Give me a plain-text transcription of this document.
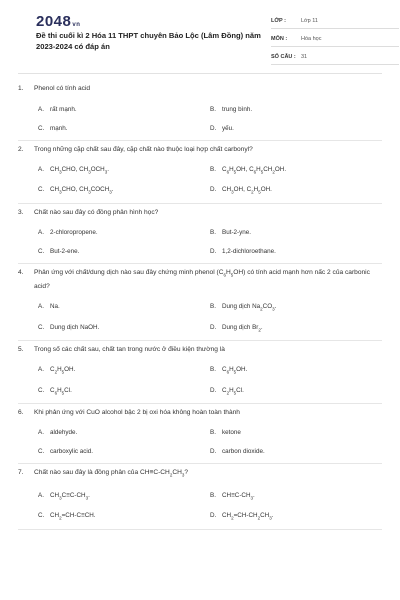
2048vn
Đề thi cuối kì 2 Hóa 11 THPT chuyên Bảo Lộc (Lâm Đồng) năm 2023-2024 có đáp án
LỚP :	Lớp 11
MÔN :	Hóa học
SỐ CÂU : 31
1.	Phenol có tính acid
A. rất mạnh.	B. trung bình.
C. mạnh.	D. yếu.
2.	Trong những cặp chất sau đây, cặp chất nào thuộc loại hợp chất carbonyl?
A. $CH_3CHO$, $CH_3OCH_3$.	B. $C_6H_5OH$, $C_6H_5CH_2OH$.
C. $CH_3CHO$, $CH_3COCH_3$.	D. $CH_3OH$, $C_2H_5OH$.
3.	Chất nào sau đây có đồng phân hình học?
A. 2-chloropropene.	B. But-2-yne.
C. But-2-ene.	D. 1,2-dichloroethane.
4.	Phản ứng với chất/dung dịch nào sau đây chứng minh phenol $(C_6H_5OH)$ có tính acid mạnh hơn nấc 2 của carbonic acid?
A. Na.	B. Dung dịch $Na_2CO_3$.
C. Dung dịch NaOH.	D. Dung dịch $Br_2$.
5.	Trong số các chất sau, chất tan trong nước ở điều kiện thường là
A. $C_2H_5OH$.	B. $C_6H_5OH$.
C. $C_6H_5Cl$.	D. $C_2H_5Cl$.
6.	Khi phản ứng với CuO alcohol bậc 2 bị oxi hóa không hoàn toàn thành
A. aldehyde.	B. ketone
C. carboxylic acid.	D. carbon dioxide.
7.	Chất nào sau đây là đồng phân của $CH\equiv C-CH_2CH_3$?
A. $CH_3C\equiv C-CH_3$.	B. $CH\equiv C-CH_3$.
C. $CH_2=CH-C\equiv CH$.	D. $CH_2=CH-CH_2CH_3$.
